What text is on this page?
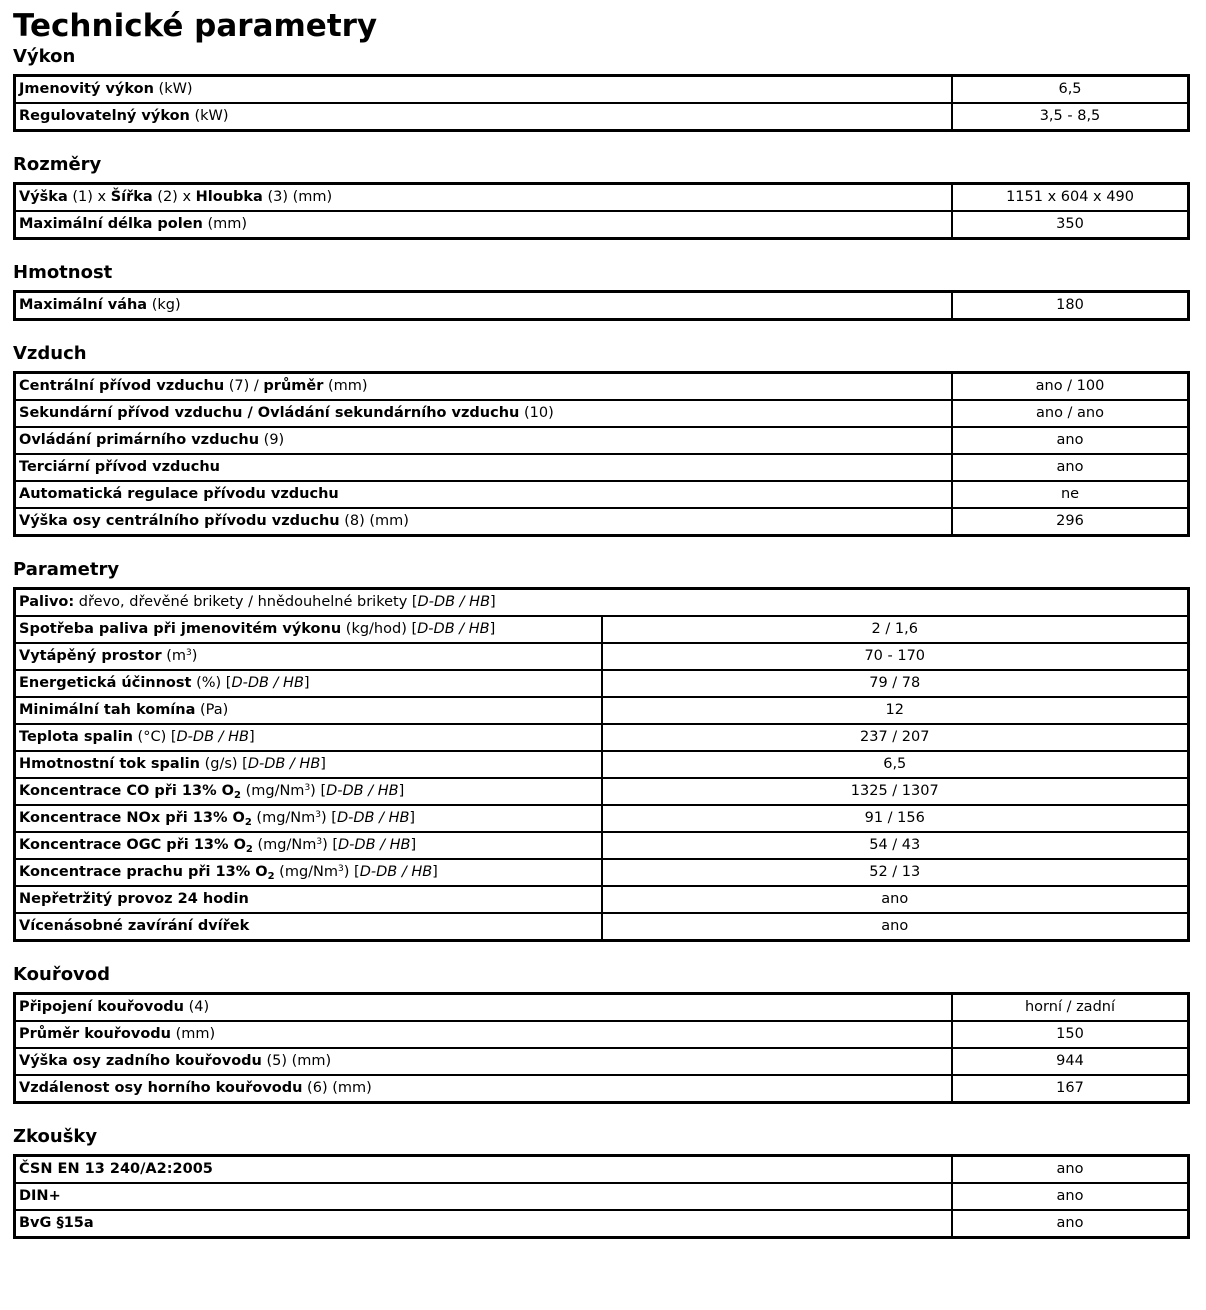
Technické parametry
Výkon
Jmenovitý výkon (kW)	6,5
Regulovatelný výkon (kW)	3,5 - 8,5
Rozměry
Výška (1) x Šířka (2) x Hloubka (3) (mm)	1151 x 604 x 490
Maximální délka polen (mm)	350
Hmotnost
Maximální váha (kg)	180
Vzduch
Centrální přívod vzduchu (7) / průměr (mm)	ano / 100
Sekundární přívod vzduchu / Ovládání sekundárního vzduchu (10)	ano / ano
Ovládání primárního vzduchu (9)	ano
Terciární přívod vzduchu	ano
Automatická regulace přívodu vzduchu	ne
Výška osy centrálního přívodu vzduchu (8) (mm)	296
Parametry
Palivo: dřevo, dřevěné brikety / hnědouhelné brikety [D-DB / HB]	
Spotřeba paliva při jmenovitém výkonu (kg/hod) [D-DB / HB]	2 / 1,6
Vytápěný prostor $(m^3)$	70 - 170
Energetická účinnost (%) [D-DB / HB]	79 / 78
Minimální tah komína (Pa)	12
Teplota spalin (°C) [D-DB / HB]	237 / 207
Hmotnostní tok spalin (g/s) [D-DB / HB]	6,5
Koncentrace CO při 13% $O_2$ (mg/Nm$^3$) [D-DB / HB]	1325 / 1307
Koncentrace NOx při 13% $O_2$ (mg/Nm$^3$) [D-DB / HB]	91 / 156
Koncentrace OGC při 13% $O_2$ (mg/Nm$^3$) [D-DB / HB]	54 / 43
Koncentrace prachu při 13% $O_2$ (mg/Nm$^3$) [D-DB / HB]	52 / 13
Nepřetržitý provoz 24 hodin	ano
Vícenásobné zavírání dvířek	ano
Kouřovod
Připojení kouřovodu (4)	horní / zadní
Průměr kouřovodu (mm)	150
Výška osy zadního kouřovodu (5) (mm)	944
Vzdálenost osy horního kouřovodu (6) (mm)	167
Zkoušky
ČSN EN 13 240/A2:2005	ano
DIN+	ano
BvG §15a	ano
